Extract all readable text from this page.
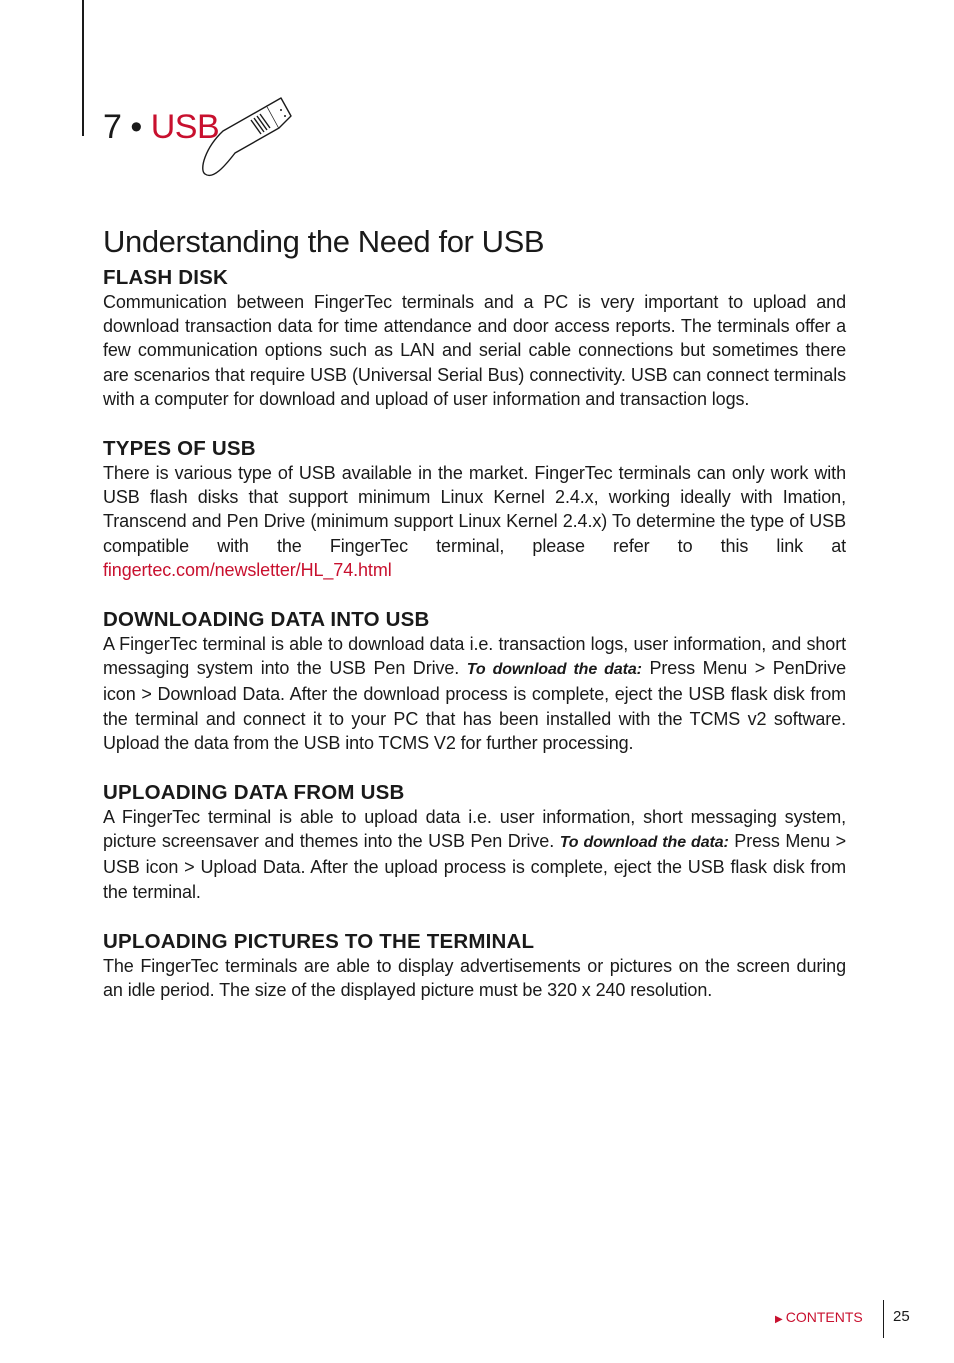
7 • USB
Understanding the Need for USB
FLASH DISK

Communication between FingerTec terminals and a PC is very important to upload and download transaction data for time attendance and door access reports. The terminals offer a few communication options such as LAN and serial cable connections but sometimes there are scenarios that require USB (Universal Serial Bus) connectivity. USB can connect terminals with a computer for download and upload of user information and transaction logs.

TYPES OF USB

There is various type of USB available in the market. FingerTec terminals can only work with USB flash disks that support minimum Linux Kernel 2.4.x, working ideally with Imation, Transcend and Pen Drive (minimum support Linux Kernel 2.4.x) To determine the type of USB compatible with the FingerTec terminal, please refer to this link at fingertec.com/newsletter/HL_74.html

DOWNLOADING DATA INTO USB

A FingerTec terminal is able to download data i.e. transaction logs, user information, and short messaging system into the USB Pen Drive. To download the data: Press Menu > PenDrive icon > Download Data. After the download process is complete, eject the USB flask disk from the terminal and connect it to your PC that has been installed with the TCMS v2 software. Upload the data from the USB into TCMS V2 for further processing.

UPLOADING DATA FROM USB

A FingerTec terminal is able to upload data i.e. user information, short messaging system, picture screensaver and themes into the USB Pen Drive. To download the data: Press Menu > USB icon > Upload Data. After the upload process is complete, eject the USB flask disk from the terminal.

UPLOADING PICTURES TO THE TERMINAL

The FingerTec terminals are able to display advertisements or pictures on the screen during an idle period. The size of the displayed picture must be 320 x 240 resolution.

▶ CONTENTS 25
